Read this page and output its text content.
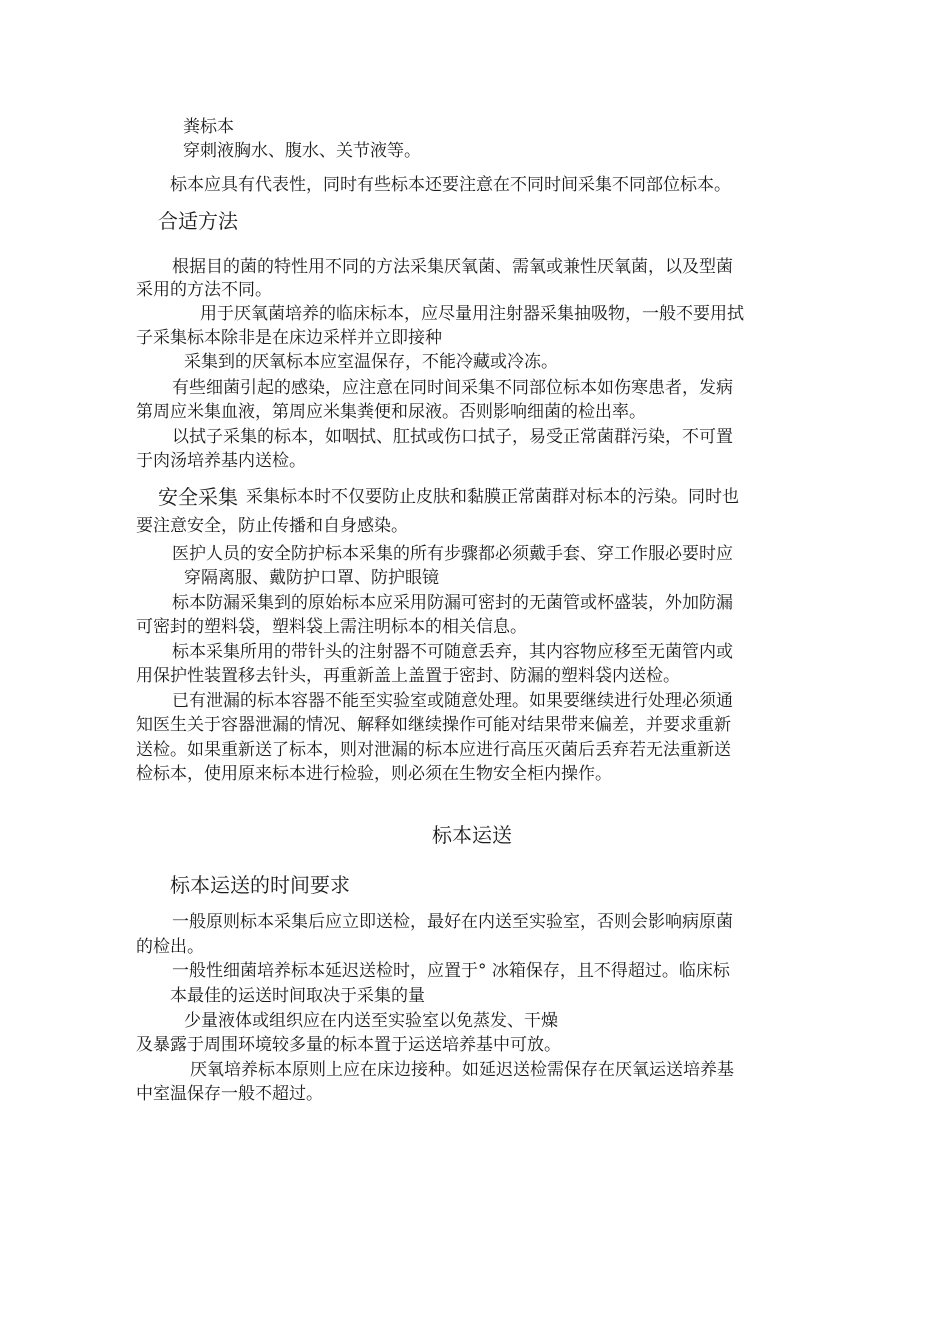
粪标本

穿刺液胸水、腹水、关节液等。

标本应具有代表性，同时有些标本还要注意在不同时间采集不同部位标本。

合适方法

根据目的菌的特性用不同的方法采集厌氧菌、需氧或兼性厌氧菌，以及型菌

采用的方法不同。

用于厌氧菌培养的临床标本，应尽量用注射器采集抽吸物，一般不要用拭

子采集标本除非是在床边采样并立即接种

采集到的厌氧标本应室温保存，不能冷藏或冷冻。

有些细菌引起的感染，应注意在同时间采集不同部位标本如伤寒患者，发病

第周应米集血液，第周应米集粪便和尿液。否则影响细菌的检出率。

以拭子采集的标本，如咽拭、肛拭或伤口拭子，易受正常菌群污染，不可置

于肉汤培养基内送检。

安全采集 采集标本时不仅要防止皮肤和黏膜正常菌群对标本的污染。同时也

要注意安全，防止传播和自身感染。

医护人员的安全防护标本采集的所有步骤都必须戴手套、穿工作服必要时应

穿隔离服、戴防护口罩、防护眼镜

标本防漏采集到的原始标本应采用防漏可密封的无菌管或杯盛装，外加防漏

可密封的塑料袋，塑料袋上需注明标本的相关信息。

标本采集所用的带针头的注射器不可随意丢弃，其内容物应移至无菌管内或

用保护性装置移去针头，再重新盖上盖置于密封、防漏的塑料袋内送检。

已有泄漏的标本容器不能至实验室或随意处理。如果要继续进行处理必须通

知医生关于容器泄漏的情况、解释如继续操作可能对结果带来偏差，并要求重新

送检。如果重新送了标本，则对泄漏的标本应进行高压灭菌后丢弃若无法重新送

检标本，使用原来标本进行检验，则必须在生物安全柜内操作。

标本运送

标本运送的时间要求

一般原则标本采集后应立即送检，最好在内送至实验室，否则会影响病原菌

的检出。

一般性细菌培养标本延迟送检时，应置于° 冰箱保存，且不得超过。临床标

本最佳的运送时间取决于采集的量

少量液体或组织应在内送至实验室以免蒸发、干燥

及暴露于周围环境较多量的标本置于运送培养基中可放。

厌氧培养标本原则上应在床边接种。如延迟送检需保存在厌氧运送培养基

中室温保存一般不超过。
